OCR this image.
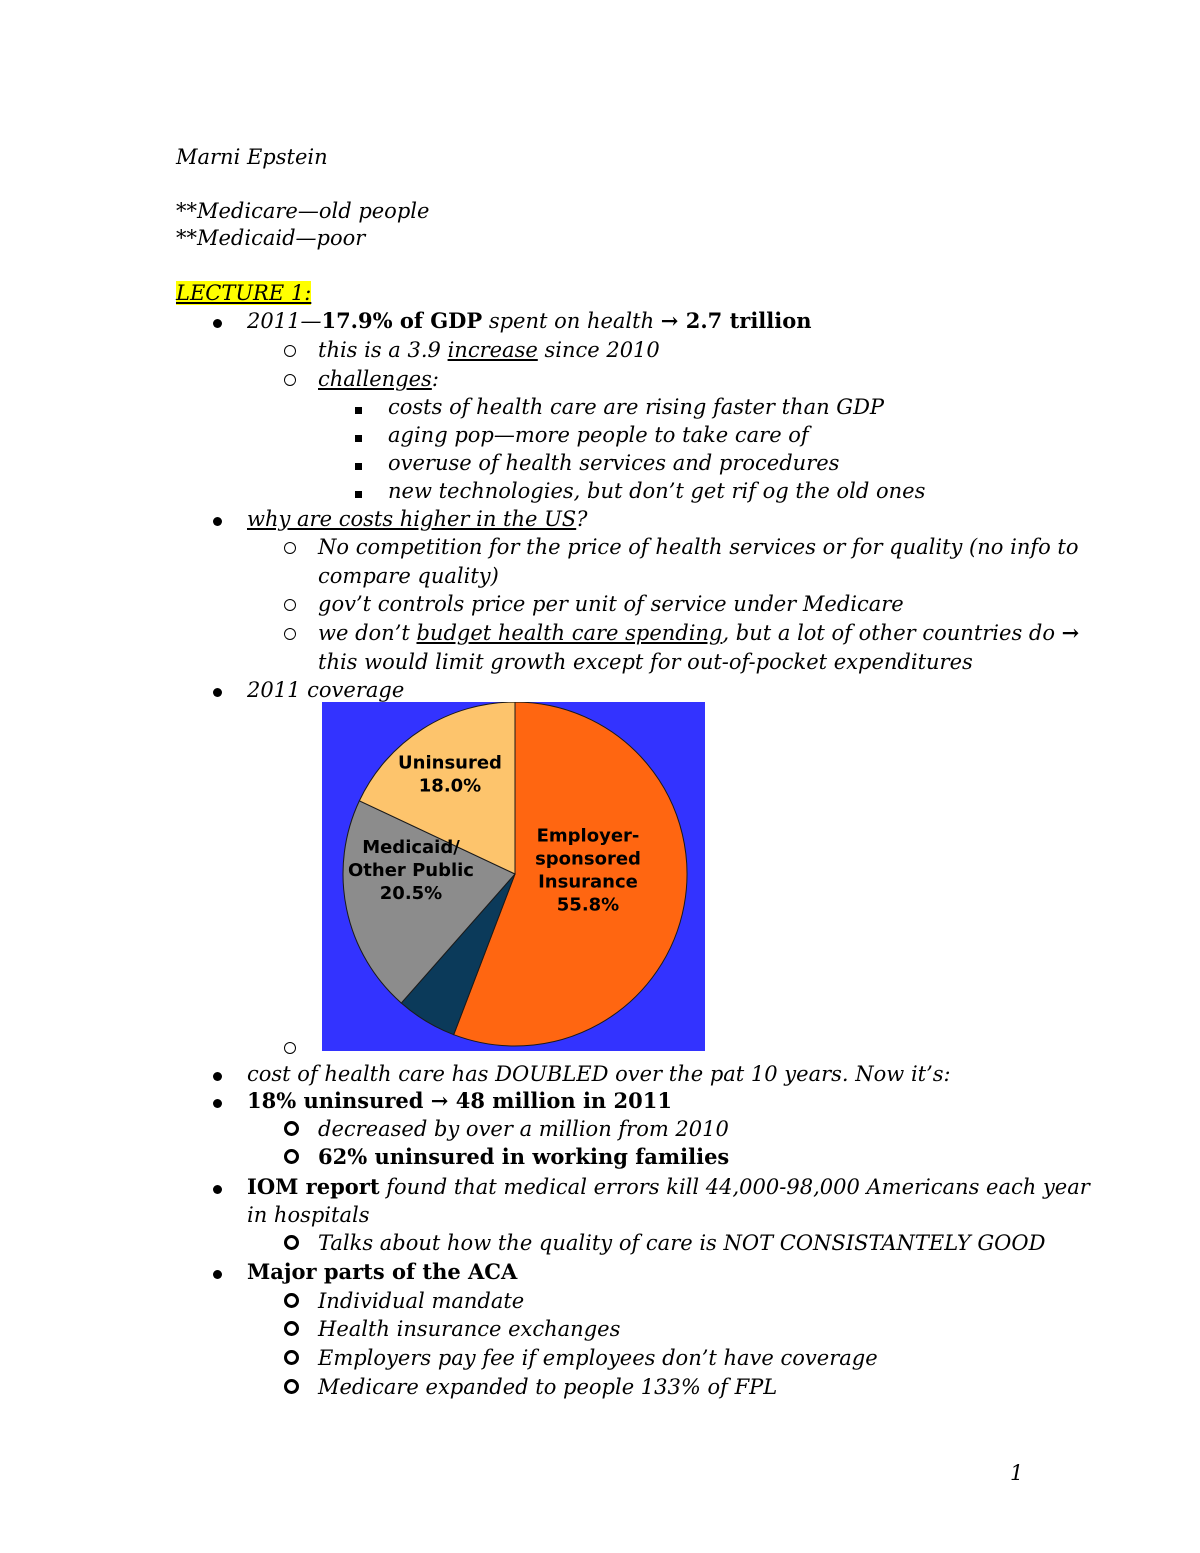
Marni Epstein
**Medicare—old people
**Medicaid—poor
LECTURE 1:
2011—17.9% of GDP spent on health → 2.7 trillion
this is a 3.9 increase since 2010
challenges:
costs of health care are rising faster than GDP
aging pop—more people to take care of
overuse of health services and procedures
new technologies, but don’t get rif og the old ones
why are costs higher in the US?
No competition for the price of health services or for quality (no info to
compare quality)
gov’t controls price per unit of service under Medicare
we don’t budget health care spending, but a lot of other countries do →
this would limit growth except for out-of-pocket expenditures
2011 coverage
Employer-sponsored Insurance 55.8%
Medicaid/ Other Public 20.5%
Uninsured 18.0%
cost of health care has DOUBLED over the pat 10 years. Now it’s:
18% uninsured → 48 million in 2011
decreased by over a million from 2010
62% uninsured in working families
IOM report found that medical errors kill 44,000-98,000 Americans each year
in hospitals
Talks about how the quality of care is NOT CONSISTANTELY GOOD
Major parts of the ACA
Individual mandate
Health insurance exchanges
Employers pay fee if employees don’t have coverage
Medicare expanded to people 133% of FPL
1
